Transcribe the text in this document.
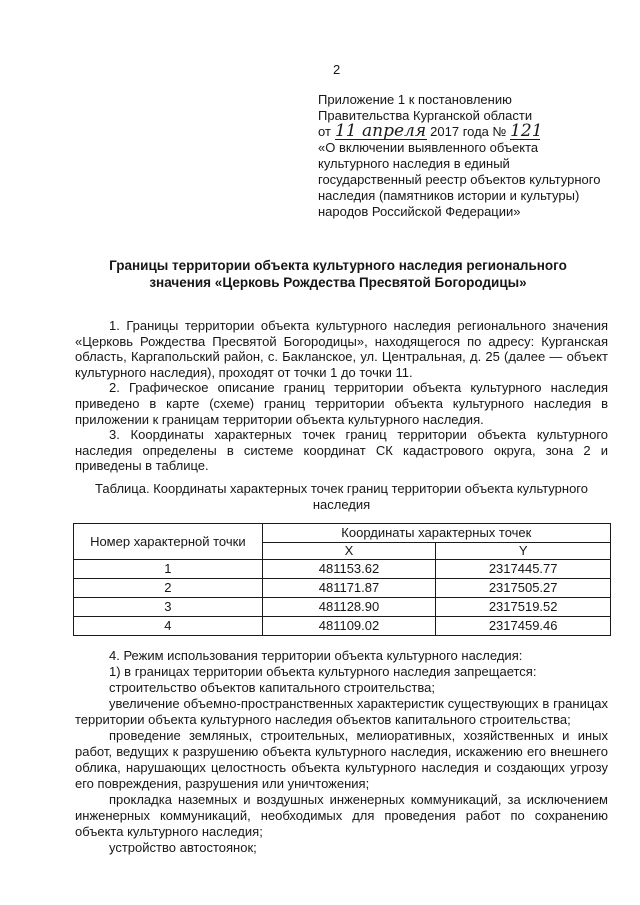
2
Приложение 1 к постановлению
Правительства Курганской области
от 11 апреля 2017 года № 121
«О включении выявленного объекта
культурного наследия в единый
государственный реестр объектов культурного
наследия (памятников истории и культуры)
народов Российской Федерации»
Границы территории объекта культурного наследия регионального
значения «Церковь Рождества Пресвятой Богородицы»

1. Границы территории объекта культурного наследия регионального значения «Церковь Рождества Пресвятой Богородицы», находящегося по адресу: Курганская область, Каргапольский район, с. Бакланское, ул. Центральная, д. 25 (далее — объект культурного наследия), проходят от точки 1 до точки 11.

2. Графическое описание границ территории объекта культурного наследия приведено в карте (схеме) границ территории объекта культурного наследия в приложении к границам территории объекта культурного наследия.

3. Координаты характерных точек границ территории объекта культурного наследия определены в системе координат СК кадастрового округа, зона 2 и приведены в таблице.

Таблица. Координаты характерных точек границ территории объекта культурного
наследия
Номер характерной точки	Координаты характерных точек	
	X	Y
1	481153.62	2317445.77
2	481171.87	2317505.27
3	481128.90	2317519.52
4	481109.02	2317459.46

4. Режим использования территории объекта культурного наследия:

1) в границах территории объекта культурного наследия запрещается:

строительство объектов капитального строительства;

увеличение объемно-пространственных характеристик существующих в границах территории объекта культурного наследия объектов капитального строительства;

проведение земляных, строительных, мелиоративных, хозяйственных и иных работ, ведущих к разрушению объекта культурного наследия, искажению его внешнего облика, нарушающих целостность объекта культурного наследия и создающих угрозу его повреждения, разрушения или уничтожения;

прокладка наземных и воздушных инженерных коммуникаций, за исключением инженерных коммуникаций, необходимых для проведения работ по сохранению объекта культурного наследия;

устройство автостоянок;
